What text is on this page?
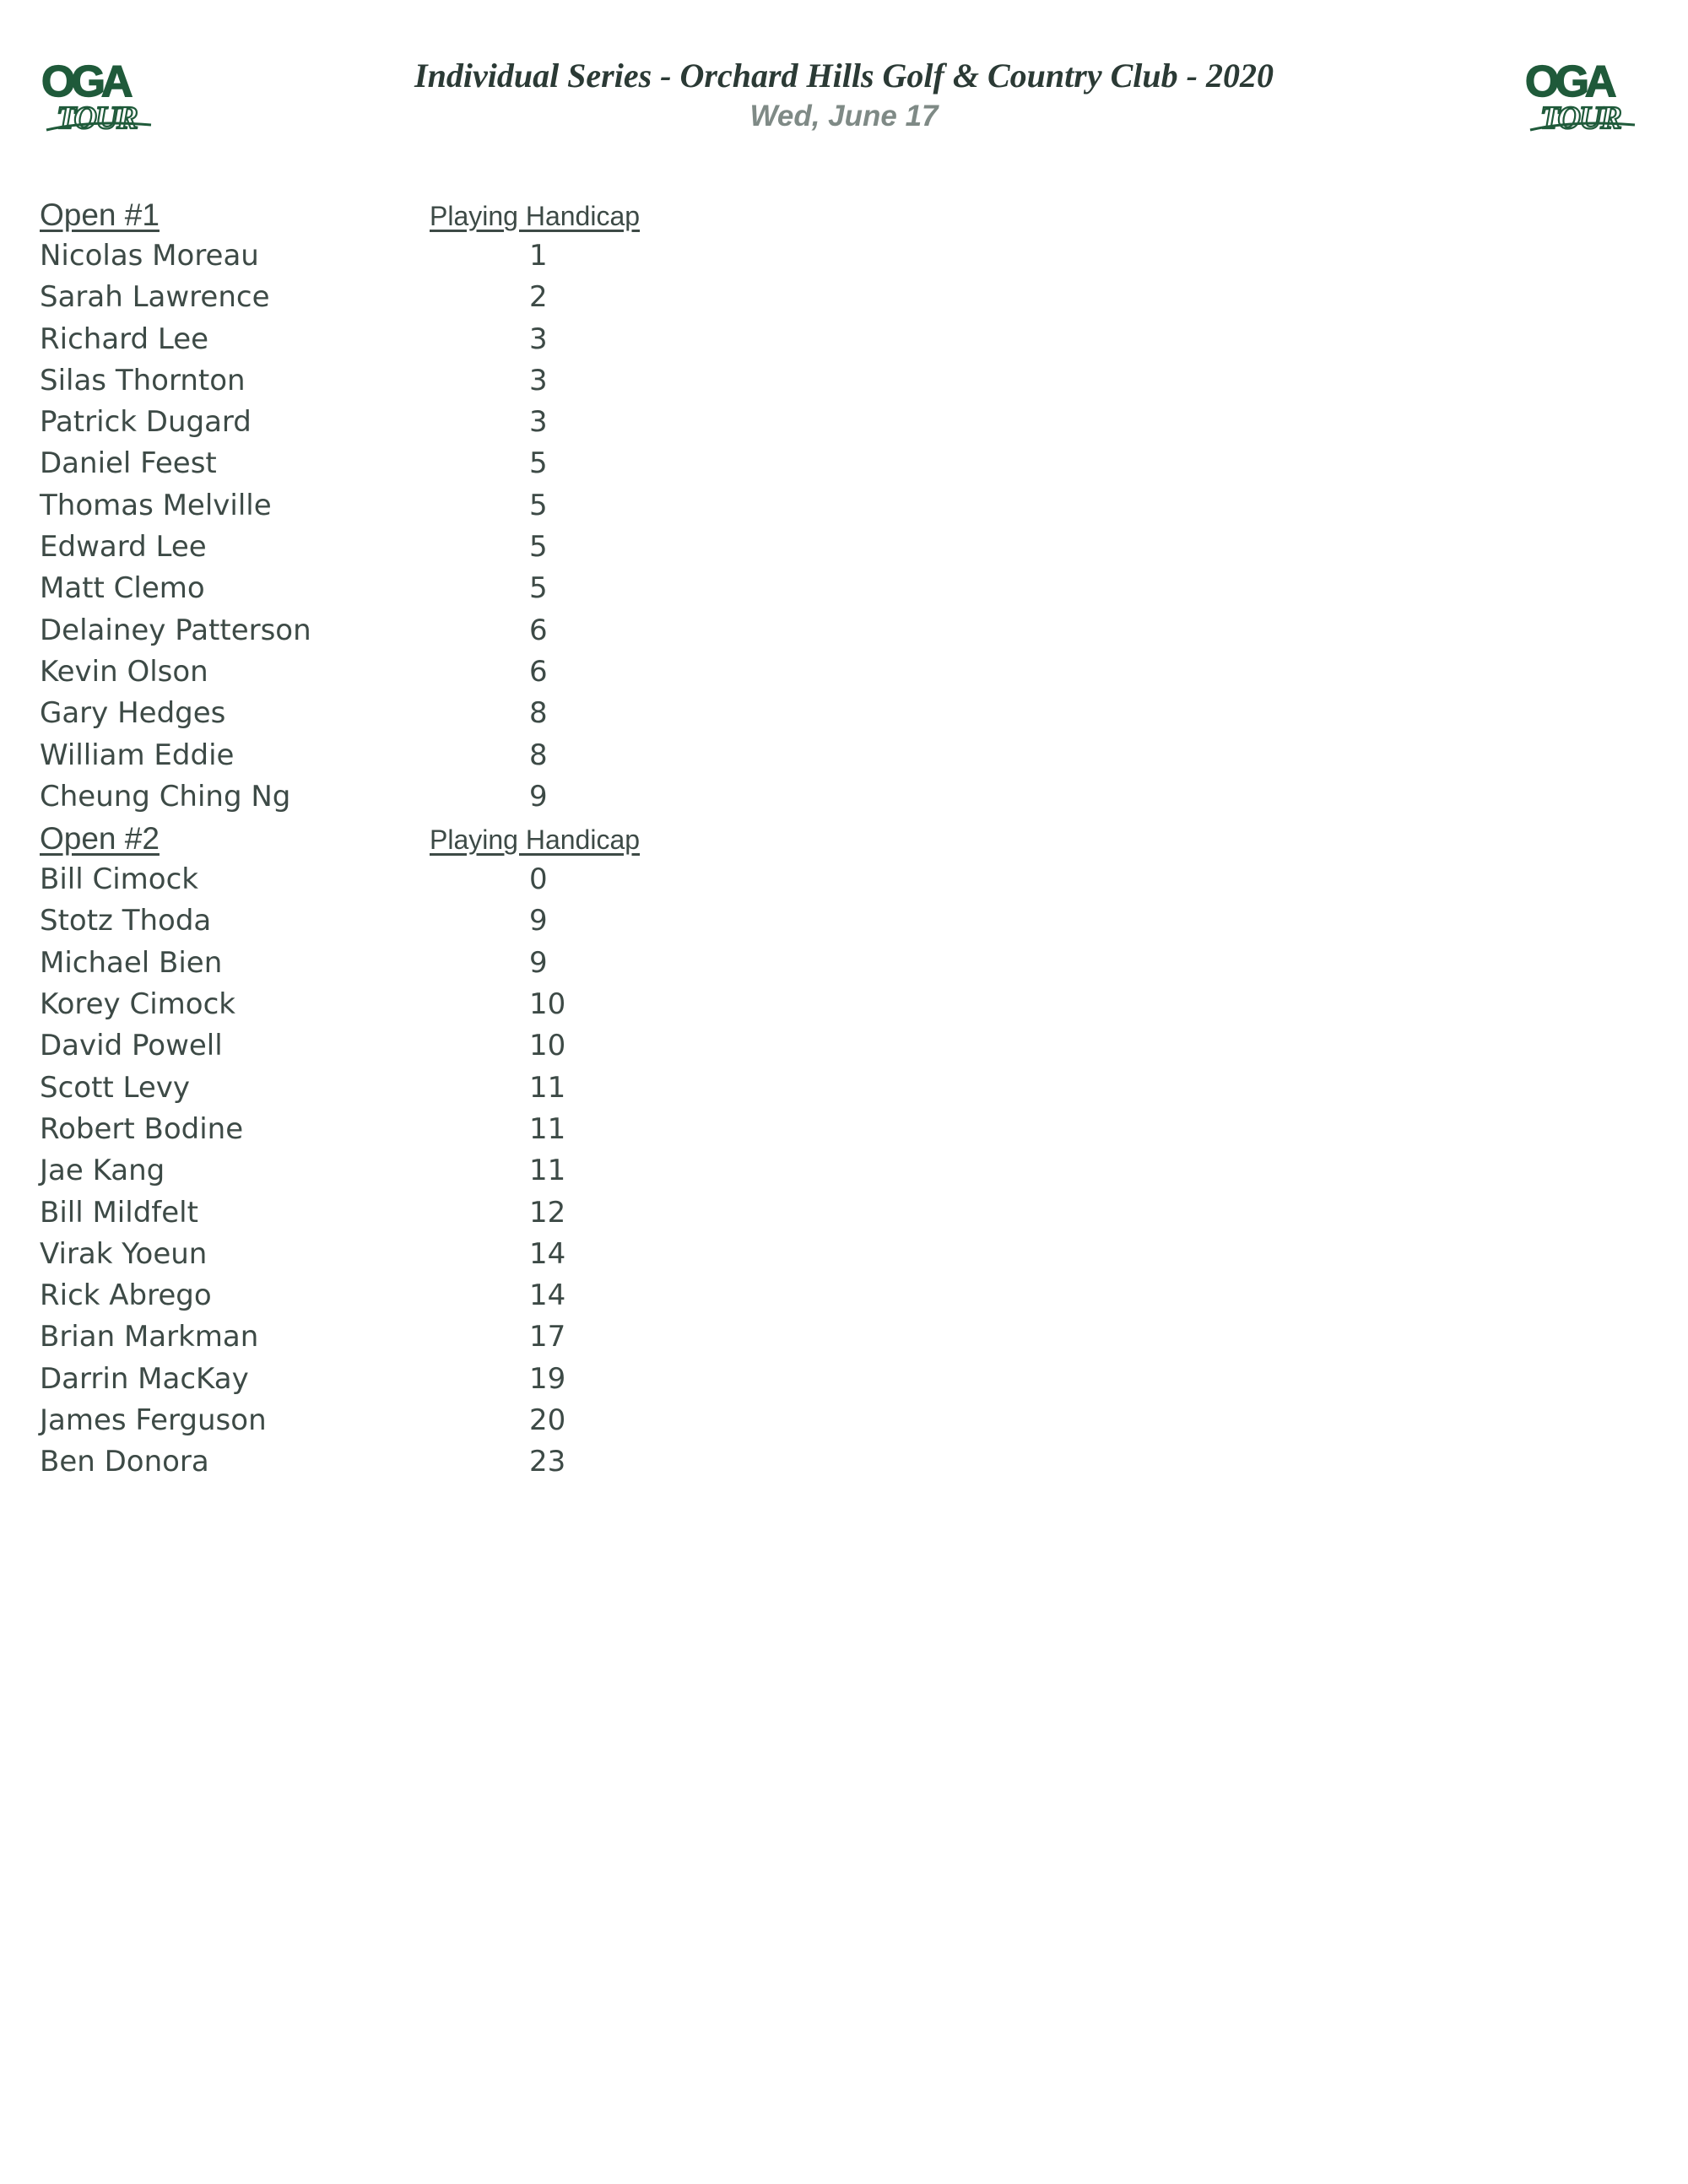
OGA
TOUR
Individual Series - Orchard Hills Golf & Country Club - 2020
Wed, June 17
OGA
TOUR
Open #1	Playing Handicap
Nicolas Moreau	1
Sarah Lawrence	2
Richard Lee	3
Silas Thornton	3
Patrick Dugard	3
Daniel Feest	5
Thomas Melville	5
Edward Lee	5
Matt Clemo	5
Delainey Patterson	6
Kevin Olson	6
Gary Hedges	8
William Eddie	8
Cheung Ching Ng	9
Open #2	Playing Handicap
Bill Cimock	0
Stotz Thoda	9
Michael Bien	9
Korey Cimock	10
David Powell	10
Scott Levy	11
Robert Bodine	11
Jae Kang	11
Bill Mildfelt	12
Virak Yoeun	14
Rick Abrego	14
Brian Markman	17
Darrin MacKay	19
James Ferguson	20
Ben Donora	23
